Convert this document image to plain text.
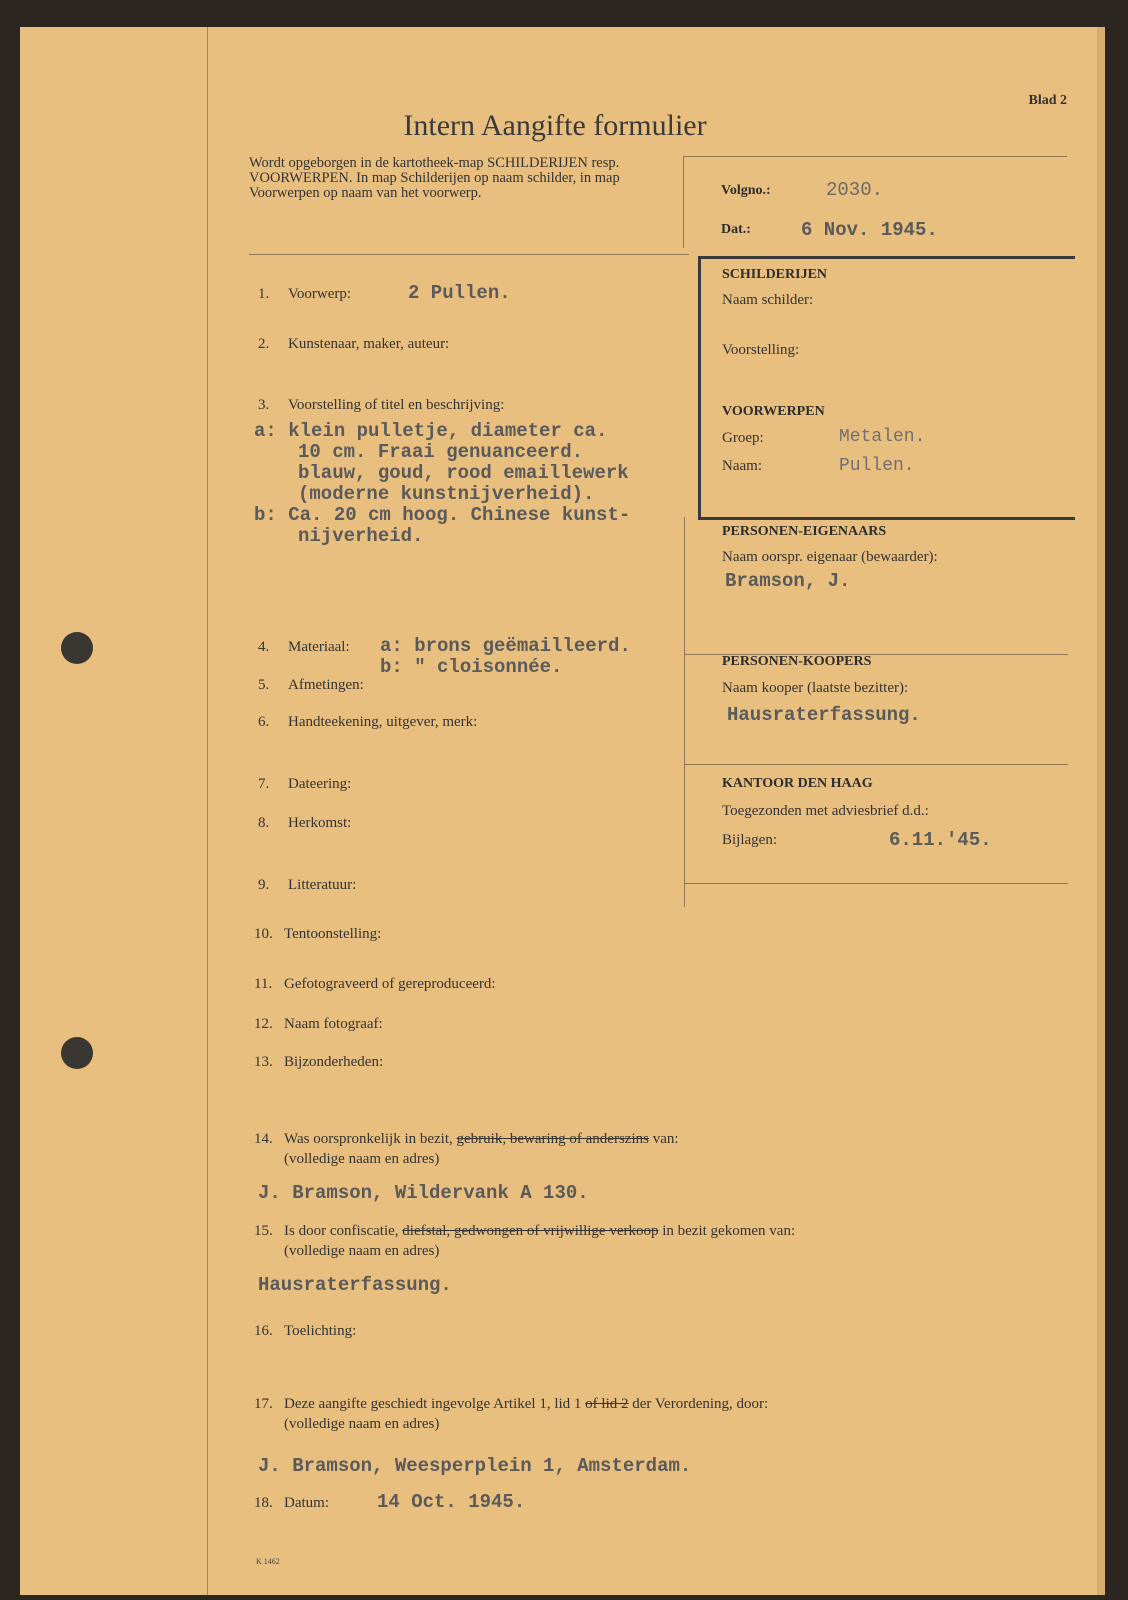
Blad 2
Intern Aangifte formulier
Wordt opgeborgen in de kartotheek-map SCHILDERIJEN resp. VOORWERPEN. In map Schilderijen op naam schilder, in map Voorwerpen op naam van het voorwerp.	Volgno.:	2030.
Dat.:	6 Nov. 1945.
SCHILDERIJEN
Naam schilder:
Voorstelling:
VOORWERPEN
Groep:	Metalen.
Naam:	Pullen.
PERSONEN-EIGENAARS
Naam oorspr. eigenaar (bewaarder):
Bramson, J.
PERSONEN-KOOPERS
Naam kooper (laatste bezitter):
Hausraterfassung.
KANTOOR DEN HAAG
Toegezonden met adviesbrief d.d.:
Bijlagen:	6.11.'45.
1. Voorwerp:	2 Pullen.
2. Kunstenaar, maker, auteur:
3. Voorstelling of titel en beschrijving:
a: klein pulletje, diameter ca.
10 cm. Fraai genuanceerd.
blauw, goud, rood emaillewerk
(moderne kunstnijverheid).
b: Ca. 20 cm hoog. Chinese kunst-
nijverheid.
4. Materiaal: a: brons geëmailleerd.
b: " cloisonnée.
5. Afmetingen:
6. Handteekening, uitgever, merk:
7. Dateering:
8. Herkomst:
9. Litteratuur:
10. Tentoonstelling:
11. Gefotograveerd of gereproduceerd:
12. Naam fotograaf:
13. Bijzonderheden:
14. Was oorspronkelijk in bezit, gebruik, bewaring of anderszins van:
(volledige naam en adres)
J. Bramson, Wildervank A 130.
15. Is door confiscatie, diefstal, gedwongen of vrijwillige verkoop in bezit gekomen van:
(volledige naam en adres)
Hausraterfassung.
16. Toelichting:
17. Deze aangifte geschiedt ingevolge Artikel 1, lid 1 of lid 2 der Verordening, door:
(volledige naam en adres)
J. Bramson, Weesperplein 1, Amsterdam.
18. Datum:	14 Oct. 1945.
K 1462
